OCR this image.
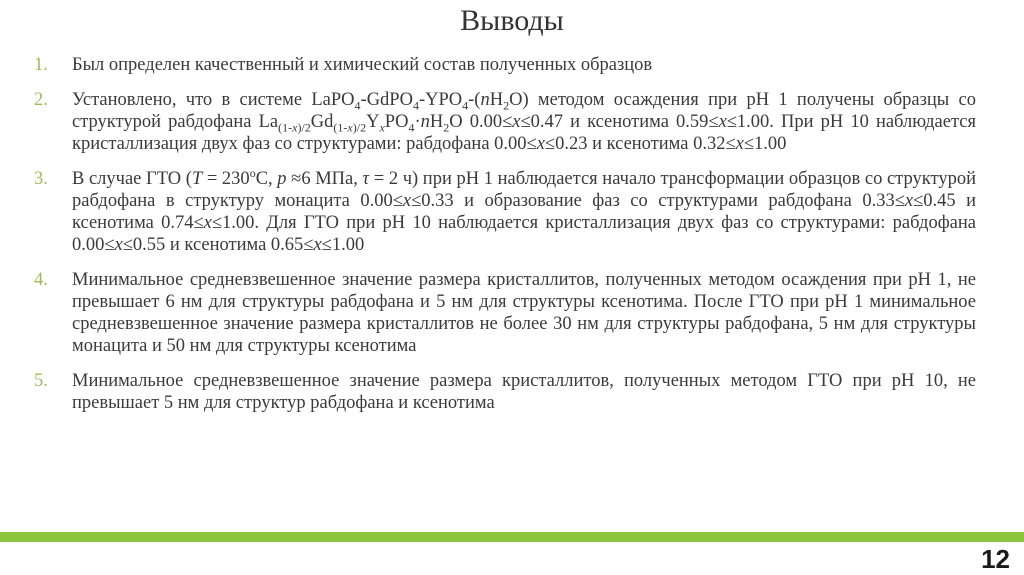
Выводы
1.	Был определен качественный и химический состав полученных образцов
2.	Установлено, что в системе $LaPO_4-GdPO_4-YPO_4-(nH_2O)$ методом осаждения при pH 1 получены образцы со структурой рабдофана $La_{(1-x)/2}Gd_{(1-x)/2}Y_xPO_4\cdot nH_2O$ 0.00≤x≤0.47 и ксенотима 0.59≤x≤1.00. При pH 10 наблюдается кристаллизация двух фаз со структурами: рабдофана 0.00≤x≤0.23 и ксенотима 0.32≤x≤1.00
3.	В случае ГТО ($T = 230^oC$, p ≈6 МПа, τ = 2 ч) при pH 1 наблюдается начало трансформации образцов со структурой рабдофана в структуру монацита 0.00≤x≤0.33 и образование фаз со структурами рабдофана 0.33≤x≤0.45 и ксенотима 0.74≤x≤1.00. Для ГТО при pH 10 наблюдается кристаллизация двух фаз со структурами: рабдофана 0.00≤x≤0.55 и ксенотима 0.65≤x≤1.00
4.	Минимальное средневзвешенное значение размера кристаллитов, полученных методом осаждения при pH 1, не превышает 6 нм для структуры рабдофана и 5 нм для структуры ксенотима. После ГТО при pH 1 минимальное средневзвешенное значение размера кристаллитов не более 30 нм для структуры рабдофана, 5 нм для структуры монацита и 50 нм для структуры ксенотима
5.	Минимальное средневзвешенное значение размера кристаллитов, полученных методом ГТО при pH 10, не превышает 5 нм для структур рабдофана и ксенотима
12
